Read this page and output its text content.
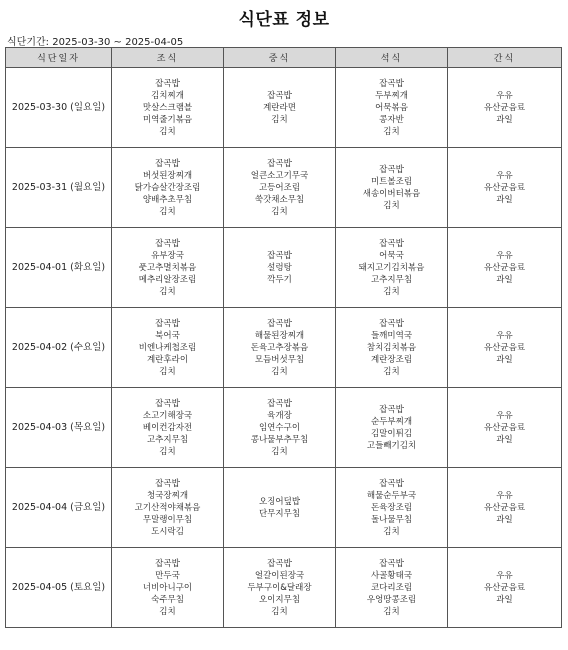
식단표 정보
식단기간: 2025-03-30 ~ 2025-04-05
식단일자	조식	중식	석식	간식
2025-03-30 (일요일)	잡곡밥
김치찌개
맛살스크램블
미역줄기볶음
김치	잡곡밥
계란라면
김치	잡곡밥
두부찌개
어묵볶음
콩자반
김치	우유
유산균음료
과일

2025-03-31 (월요일)	잡곡밥
버섯된장찌개
닭가슴살간장조림
양배추초무침
김치	잡곡밥
얼큰소고기무국
고등어조림
쑥갓채소무침
김치	잡곡밥
미트볼조림
새송이버터볶음
김치	우유
유산균음료
과일

2025-04-01 (화요일)	잡곡밥
유부장국
풋고추멸치볶음
메추리알장조림
김치	잡곡밥
설렁탕
깍두기	잡곡밥
어묵국
돼지고기김치볶음
고추지무침
김치	우유
유산균음료
과일

2025-04-02 (수요일)	잡곡밥
북어국
비엔나케첩조림
계란후라이
김치	잡곡밥
해물된장찌개
돈육고추장볶음
모듬버섯무침
김치	잡곡밥
들깨미역국
참치김치볶음
계란장조림
김치	우유
유산균음료
과일

2025-04-03 (목요일)	잡곡밥
소고기해장국
베이컨감자전
고추지무침
김치	잡곡밥
육개장
임연수구이
콩나물부추무침
김치	잡곡밥
순두부찌개
김말이튀김
고들빼기김치	우유
유산균음료
과일

2025-04-04 (금요일)	잡곡밥
청국장찌개
고기산적야채볶음
무말랭이무침
도시락김	오징어덮밥
단무지무침	잡곡밥
해물순두부국
돈육장조림
돌나물무침
김치	우유
유산균음료
과일

2025-04-05 (토요일)	잡곡밥
만두국
너비아니구이
숙주무침
김치	잡곡밥
얼갈이된장국
두부구이&달래장
오이지무침
김치	잡곡밥
사골황태국
코다리조림
우엉땅콩조림
김치	우유
유산균음료
과일
